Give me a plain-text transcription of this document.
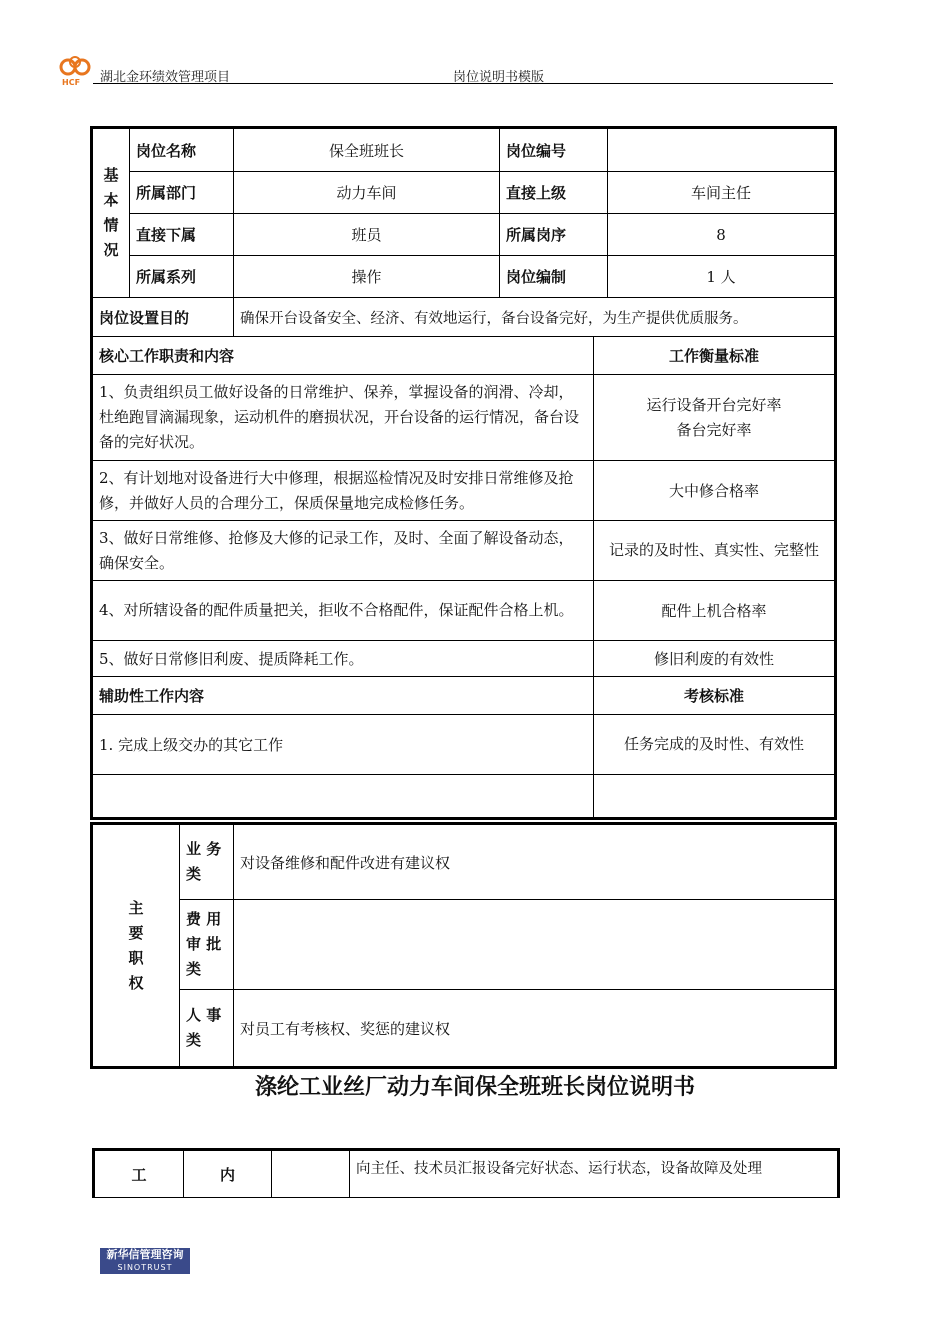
HCF 湖北金环绩效管理项目	岗位说明书模版
基
本
情
况	岗位名称	保全班班长	岗位编号		
	所属部门	动力车间	直接上级		车间主任
	直接下属	班员	所属岗序		8
	所属系列	操作	岗位编制		1 人
岗位设置目的		确保开台设备安全、经济、有效地运行，备台设备完好，为生产提供优质服务。			
核心工作职责和内容				工作衡量标准	
1、负责组织员工做好设备的日常维护、保养，掌握设备的润滑、冷却，杜绝跑冒滴漏现象，运动机件的磨损状况，开台设备的运行情况，备台设备的完好状况。				运行设备开台完好率
备台完好率	

2、有计划地对设备进行大中修理，根据巡检情况及时安排日常维修及抢修，并做好人员的合理分工，保质保量地完成检修任务。				大中修合格率	
3、做好日常维修、抢修及大修的记录工作，及时、全面了解设备动态，确保安全。				记录的及时性、真实性、完整性	
4、对所辖设备的配件质量把关，拒收不合格配件，保证配件合格上机。				配件上机合格率	
5、做好日常修旧利废、提质降耗工作。				修旧利废的有效性	
辅助性工作内容				考核标准	
1. 完成上级交办的其它工作				任务完成的及时性、有效性	

主
要
职
权	业 务 类	对设备维修和配件改进有建议权
	费 用 审 批 类	
	人 事 类	对员工有考核权、奖惩的建议权
涤纶工业丝厂动力车间保全班班长岗位说明书
工	内		向主任、技术员汇报设备完好状态、运行状态，设备故障及处理
新华信管理咨询
SINOTRUST
